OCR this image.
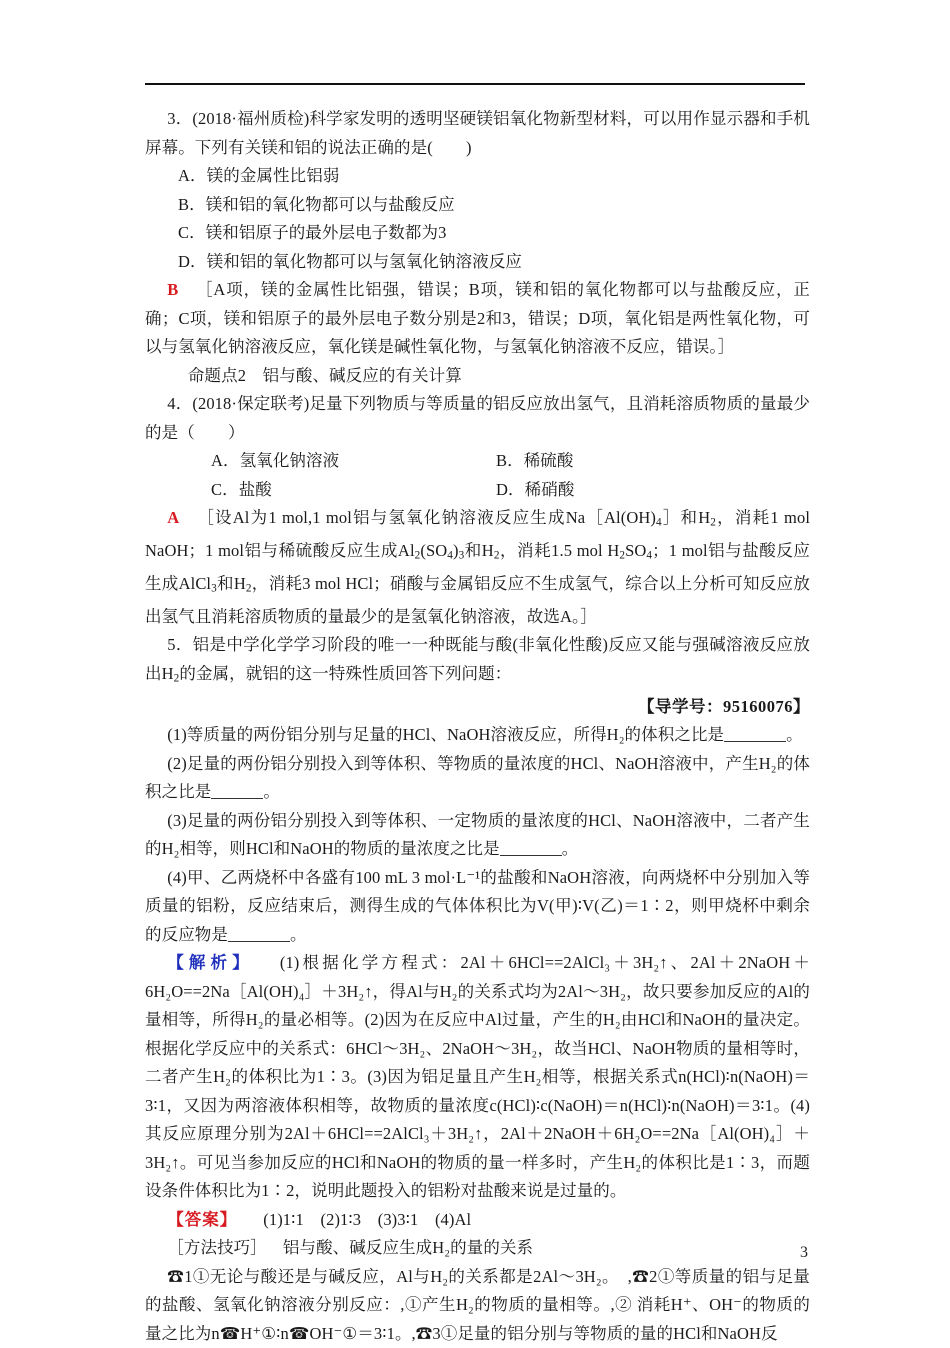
3．(2018·福州质检)科学家发明的透明坚硬镁铝氧化物新型材料，可以用作显示器和手机屏幕。下列有关镁和铝的说法正确的是(　　)

A．镁的金属性比铝弱

B．镁和铝的氧化物都可以与盐酸反应

C．镁和铝原子的最外层电子数都为3

D．镁和铝的氧化物都可以与氢氧化钠溶液反应

B ［A项，镁的金属性比铝强，错误；B项，镁和铝的氧化物都可以与盐酸反应，正确；C项，镁和铝原子的最外层电子数分别是2和3，错误；D项，氧化铝是两性氧化物，可以与氢氧化钠溶液反应，氧化镁是碱性氧化物，与氢氧化钠溶液不反应，错误。］

命题点2　铝与酸、碱反应的有关计算

4．(2018·保定联考)足量下列物质与等质量的铝反应放出氢气，且消耗溶质物质的量最少的是（　　）

A．氢氧化钠溶液	B．稀硫酸

C．盐酸	D．稀硝酸

A ［设Al为1 mol,1 mol铝与氢氧化钠溶液反应生成$Na[Al(OH)_4]$和$H_2$，消耗1 mol NaOH；1 mol铝与稀硫酸反应生成$Al_2(SO_4)_3$和$H_2$，消耗1.5 mol $H_2SO_4$；1 mol铝与盐酸反应生成AlCl$_3$和$H_2$，消耗3 mol HCl；硝酸与金属铝反应不生成氢气，综合以上分析可知反应放出氢气且消耗溶质物质的量最少的是氢氧化钠溶液，故选A。］

5．铝是中学化学学习阶段的唯一一种既能与酸(非氧化性酸)反应又能与强碱溶液反应放出$H_2$的金属，就铝的这一特殊性质回答下列问题：

【导学号：95160076】

(1)等质量的两份铝分别与足量的HCl、NaOH溶液反应，所得H₂的体积之比是	。

(2)足量的两份铝分别投入到等体积、等物质的量浓度的HCl、NaOH溶液中，产生H₂的体积之比是	。

(3)足量的两份铝分别投入到等体积、一定物质的量浓度的HCl、NaOH溶液中，二者产生的H₂相等，则HCl和NaOH的物质的量浓度之比是	。

(4)甲、乙两烧杯中各盛有100 mL 3 mol·L⁻¹的盐酸和NaOH溶液，向两烧杯中分别加入等质量的铝粉，反应结束后，测得生成的气体体积比为V(甲)∶V(乙)＝1∶2，则甲烧杯中剩余的反应物是	。

【解析】 (1)根据化学方程式：2Al＋6HCl==2AlCl₃＋3H₂↑、2Al＋2NaOH＋6H₂O==2Na［Al(OH)₄］＋3H₂↑，得Al与H₂的关系式均为2Al～3H₂，故只要参加反应的Al的量相等，所得H₂的量必相等。(2)因为在反应中Al过量，产生的H₂由HCl和NaOH的量决定。根据化学反应中的关系式：6HCl～3H₂、2NaOH～3H₂，故当HCl、NaOH物质的量相等时，二者产生H₂的体积比为1∶3。(3)因为铝足量且产生H₂相等，根据关系式n(HCl)∶n(NaOH)＝3∶1，又因为两溶液体积相等，故物质的量浓度c(HCl)∶c(NaOH)＝n(HCl)∶n(NaOH)＝3∶1。(4)其反应原理分别为2Al＋6HCl==2AlCl₃＋3H₂↑，2Al＋2NaOH＋6H₂O==2Na［Al(OH)₄］＋3H₂↑。可见当参加反应的HCl和NaOH的物质的量一样多时，产生H₂的体积比是1∶3，而题设条件体积比为1∶2，说明此题投入的铝粉对盐酸来说是过量的。

【答案】 (1)1∶1　(2)1∶3　(3)3∶1　(4)Al

［方法技巧］ 铝与酸、碱反应生成H₂的量的关系

☎1①无论与酸还是与碱反应，Al与H₂的关系都是2Al～3H₂。　,☎2①等质量的铝与足量的盐酸、氢氧化钠溶液分别反应：,①产生H₂的物质的量相等。,② 消耗H⁺、OH⁻的物质的量之比为n☎H⁺①∶n☎OH⁻①＝3∶1。,☎3①足量的铝分别与等物质的量的HCl和NaOH反

3
